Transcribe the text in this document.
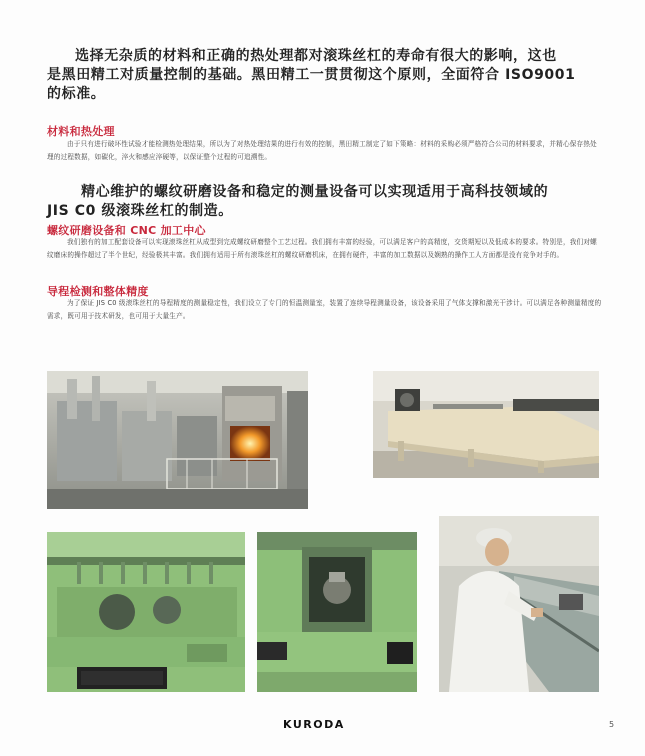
选择无杂质的材料和正确的热处理都对滚珠丝杠的寿命有很大的影响，这也
是黑田精工对质量控制的基础。黑田精工一贯贯彻这个原则，全面符合 ISO9001
的标准。
材料和热处理
由于只有进行破坏性试验才能检测热处理结果，所以为了对热处理结果的进行有效的控制，黑田精工制定了如下策略：材料的采购必须严格符合公司的材料要求，并精心保存热处理的过程数据，如碳化，淬火和感应淬硬等，以保证整个过程的可追溯性。
精心维护的螺纹研磨设备和稳定的测量设备可以实现适用于高科技领域的
JIS C0 级滚珠丝杠的制造。
螺纹研磨设备和 CNC 加工中心
我们独有的加工配套设备可以实现滚珠丝杠从成型到完成螺纹研磨整个工艺过程。我们拥有丰富的经验，可以满足客户的高精度，交货期短以及低成本的要求。特别是，我们对螺纹磨床的操作超过了半个世纪，经验极其丰富。我们拥有适用于所有滚珠丝杠的螺纹研磨机床，在拥有硬件，丰富的加工数据以及娴熟的操作工人方面都是没有竞争对手的。
导程检测和整体精度
为了保证 JIS C0 级滚珠丝杠的导程精度的测量稳定性，我们设立了专门的恒温测量室，装置了连续导程测量设备，该设备采用了气体支撑和激光干涉计。可以满足各种测量精度的需求，既可用于技术研发，也可用于大量生产。
KURODA	5
